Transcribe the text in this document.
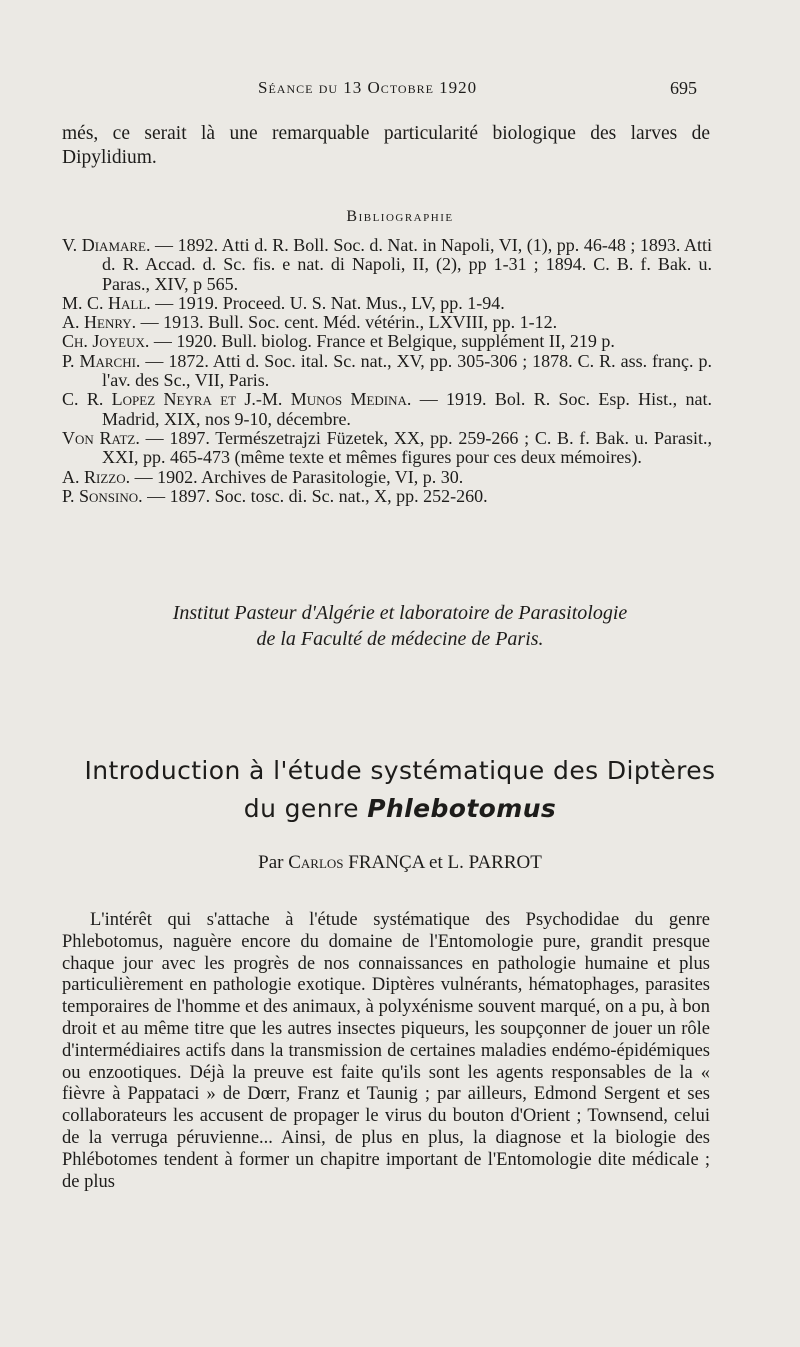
Séance du 13 Octobre 1920	695

més, ce serait là une remarquable particularité biologique des larves de Dipylidium.

Bibliographie

V. Diamare. — 1892. Atti d. R. Boll. Soc. d. Nat. in Napoli, VI, (1), pp. 46-48 ; 1893. Atti d. R. Accad. d. Sc. fis. e nat. di Napoli, II, (2), pp 1-31 ; 1894. C. B. f. Bak. u. Paras., XIV, p 565.

M. C. Hall. — 1919. Proceed. U. S. Nat. Mus., LV, pp. 1-94.

A. Henry. — 1913. Bull. Soc. cent. Méd. vétérin., LXVIII, pp. 1-12.

Ch. Joyeux. — 1920. Bull. biolog. France et Belgique, supplément II, 219 p.

P. Marchi. — 1872. Atti d. Soc. ital. Sc. nat., XV, pp. 305-306 ; 1878. C. R. ass. franç. p. l'av. des Sc., VII, Paris.

C. R. Lopez Neyra et J.-M. Munos Medina. — 1919. Bol. R. Soc. Esp. Hist., nat. Madrid, XIX, nos 9-10, décembre.

Von Ratz. — 1897. Természetrajzi Füzetek, XX, pp. 259-266 ; C. B. f. Bak. u. Parasit., XXI, pp. 465-473 (même texte et mêmes figures pour ces deux mémoires).

A. Rizzo. — 1902. Archives de Parasitologie, VI, p. 30.

P. Sonsino. — 1897. Soc. tosc. di. Sc. nat., X, pp. 252-260.

Institut Pasteur d'Algérie et laboratoire de Parasitologie
de la Faculté de médecine de Paris.
Introduction à l'étude systématique des Diptères
du genre Phlebotomus
Par Carlos FRANÇA et L. PARROT

L'intérêt qui s'attache à l'étude systématique des Psychodidae du genre Phlebotomus, naguère encore du domaine de l'Entomologie pure, grandit presque chaque jour avec les progrès de nos connaissances en pathologie humaine et plus particulièrement en pathologie exotique. Diptères vulnérants, hématophages, parasites temporaires de l'homme et des animaux, à polyxénisme souvent marqué, on a pu, à bon droit et au même titre que les autres insectes piqueurs, les soupçonner de jouer un rôle d'intermédiaires actifs dans la transmission de certaines maladies endémo-épidémiques ou enzootiques. Déjà la preuve est faite qu'ils sont les agents responsables de la « fièvre à Pappataci » de Dœrr, Franz et Taunig ; par ailleurs, Edmond Sergent et ses collaborateurs les accusent de propager le virus du bouton d'Orient ; Townsend, celui de la verruga péruvienne... Ainsi, de plus en plus, la diagnose et la biologie des Phlébotomes tendent à former un chapitre important de l'Entomologie dite médicale ; de plus
